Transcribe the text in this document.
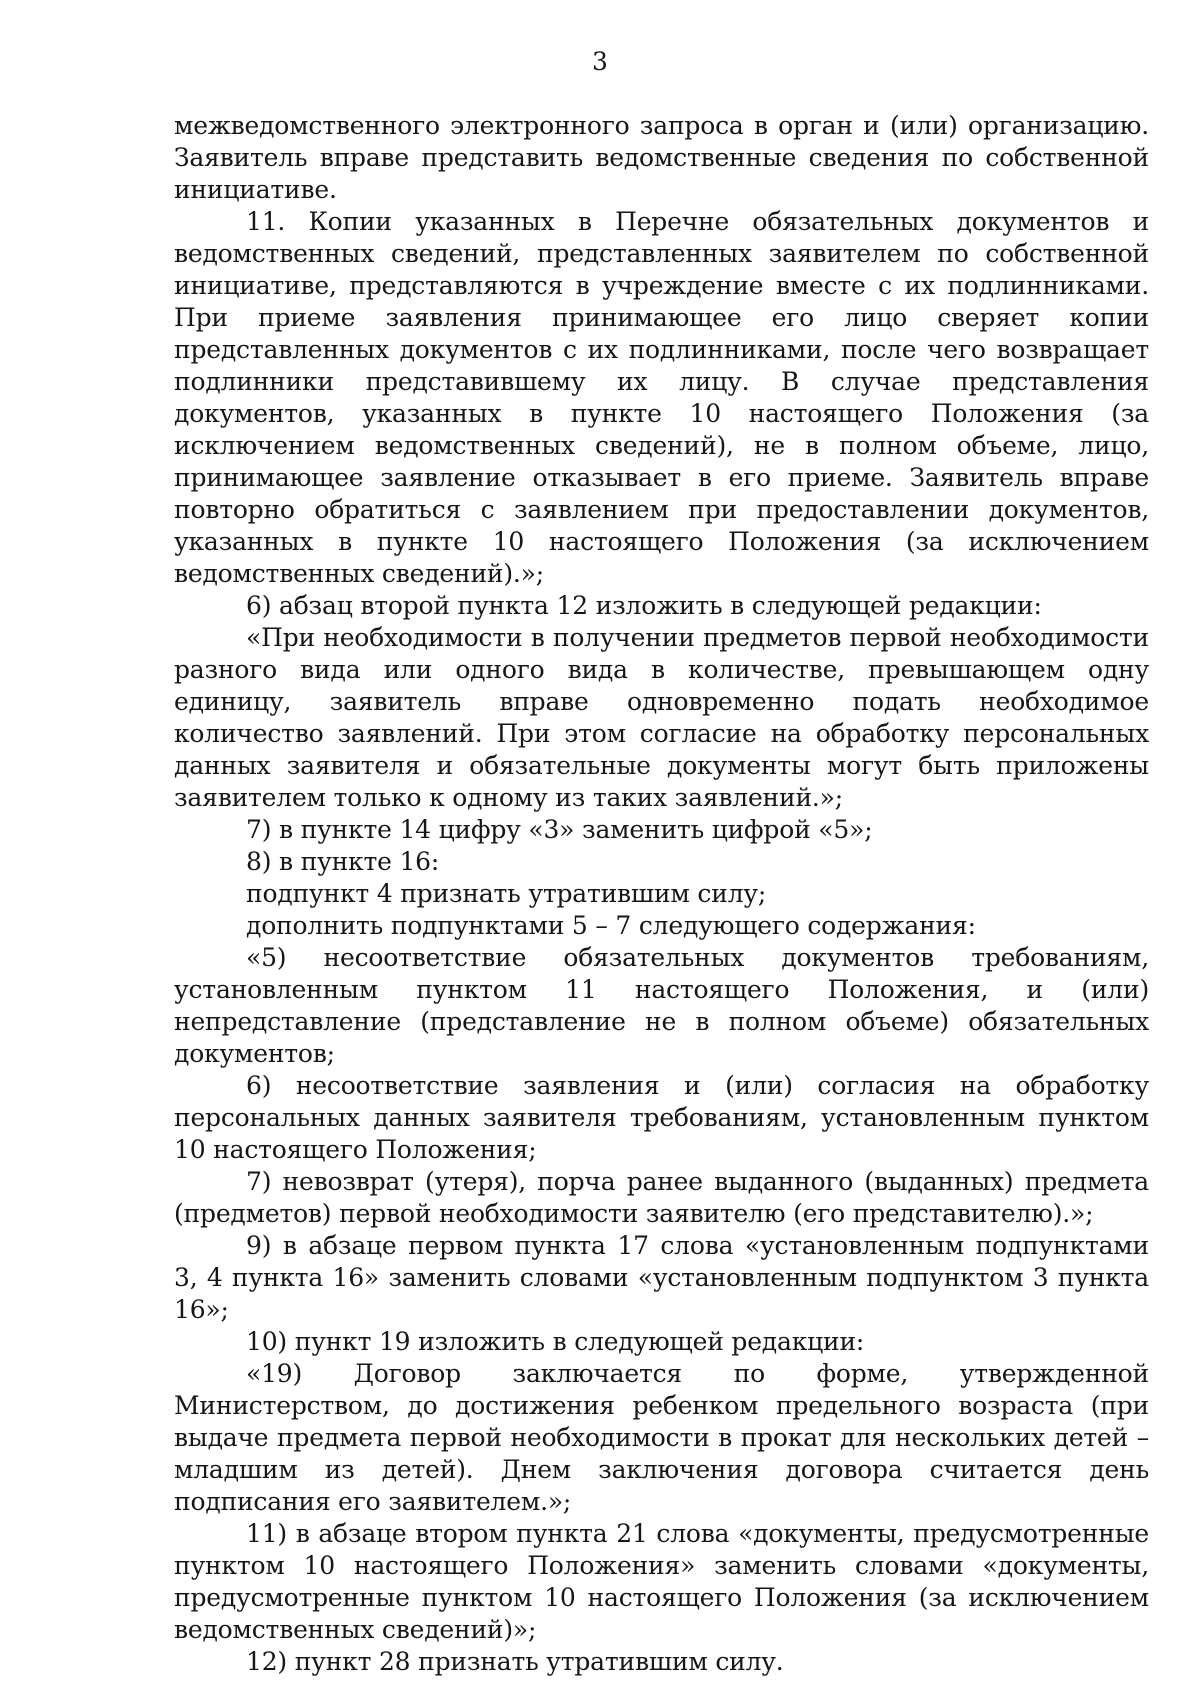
3

межведомственного электронного запроса в орган и (или) организацию. Заявитель вправе представить ведомственные сведения по собственной инициативе.

11. Копии указанных в Перечне обязательных документов и ведомственных сведений, представленных заявителем по собственной инициативе, представляются в учреждение вместе с их подлинниками. При приеме заявления принимающее его лицо сверяет копии представленных документов с их подлинниками, после чего возвращает подлинники представившему их лицу. В случае представления документов, указанных в пункте 10 настоящего Положения (за исключением ведомственных сведений), не в полном объеме, лицо, принимающее заявление отказывает в его приеме. Заявитель вправе повторно обратиться с заявлением при предоставлении документов, указанных в пункте 10 настоящего Положения (за исключением ведомственных сведений).»;

6) абзац второй пункта 12 изложить в следующей редакции:

«При необходимости в получении предметов первой необходимости разного вида или одного вида в количестве, превышающем одну единицу, заявитель вправе одновременно подать необходимое количество заявлений. При этом согласие на обработку персональных данных заявителя и обязательные документы могут быть приложены заявителем только к одному из таких заявлений.»;

7) в пункте 14 цифру «3» заменить цифрой «5»;

8) в пункте 16:

подпункт 4 признать утратившим силу;

дополнить подпунктами 5 – 7 следующего содержания:

«5) несоответствие обязательных документов требованиям, установленным пунктом 11 настоящего Положения, и (или) непредставление (представление не в полном объеме) обязательных документов;

6) несоответствие заявления и (или) согласия на обработку персональных данных заявителя требованиям, установленным пунктом 10 настоящего Положения;

7) невозврат (утеря), порча ранее выданного (выданных) предмета (предметов) первой необходимости заявителю (его представителю).»;

9) в абзаце первом пункта 17 слова «установленным подпунктами 3, 4 пункта 16» заменить словами «установленным подпунктом 3 пункта 16»;

10) пункт 19 изложить в следующей редакции:

«19) Договор заключается по форме, утвержденной Министерством, до достижения ребенком предельного возраста (при выдаче предмета первой необходимости в прокат для нескольких детей – младшим из детей). Днем заключения договора считается день подписания его заявителем.»;

11) в абзаце втором пункта 21 слова «документы, предусмотренные пунктом 10 настоящего Положения» заменить словами «документы, предусмотренные пунктом 10 настоящего Положения (за исключением ведомственных сведений)»;

12) пункт 28 признать утратившим силу.
